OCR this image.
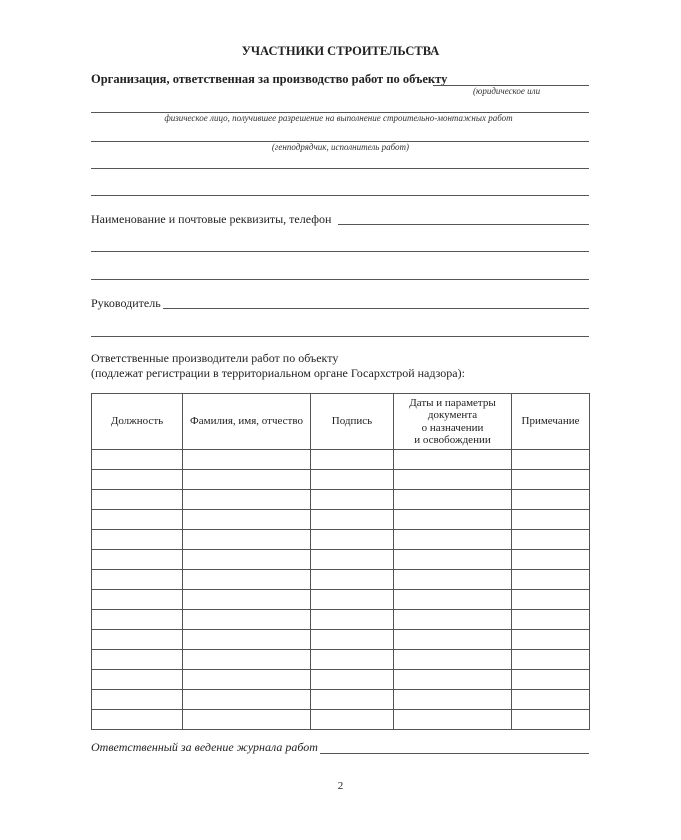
УЧАСТНИКИ СТРОИТЕЛЬСТВА
Организация, ответственная за производство работ по объекту
(юридическое или
физическое лицо, получившее разрешение на выполнение строительно-монтажных работ
(генподрядчик, исполнитель работ)
Наименование и почтовые реквизиты, телефон
Руководитель
Ответственные производители работ по объекту
(подлежат регистрации в территориальном органе Госархстрой надзора):
Должность	Фамилия, имя, отчество	Подпись	Даты и параметры
документа
о назначении
и освобождении	Примечание

Ответственный за ведение журнала работ
2
